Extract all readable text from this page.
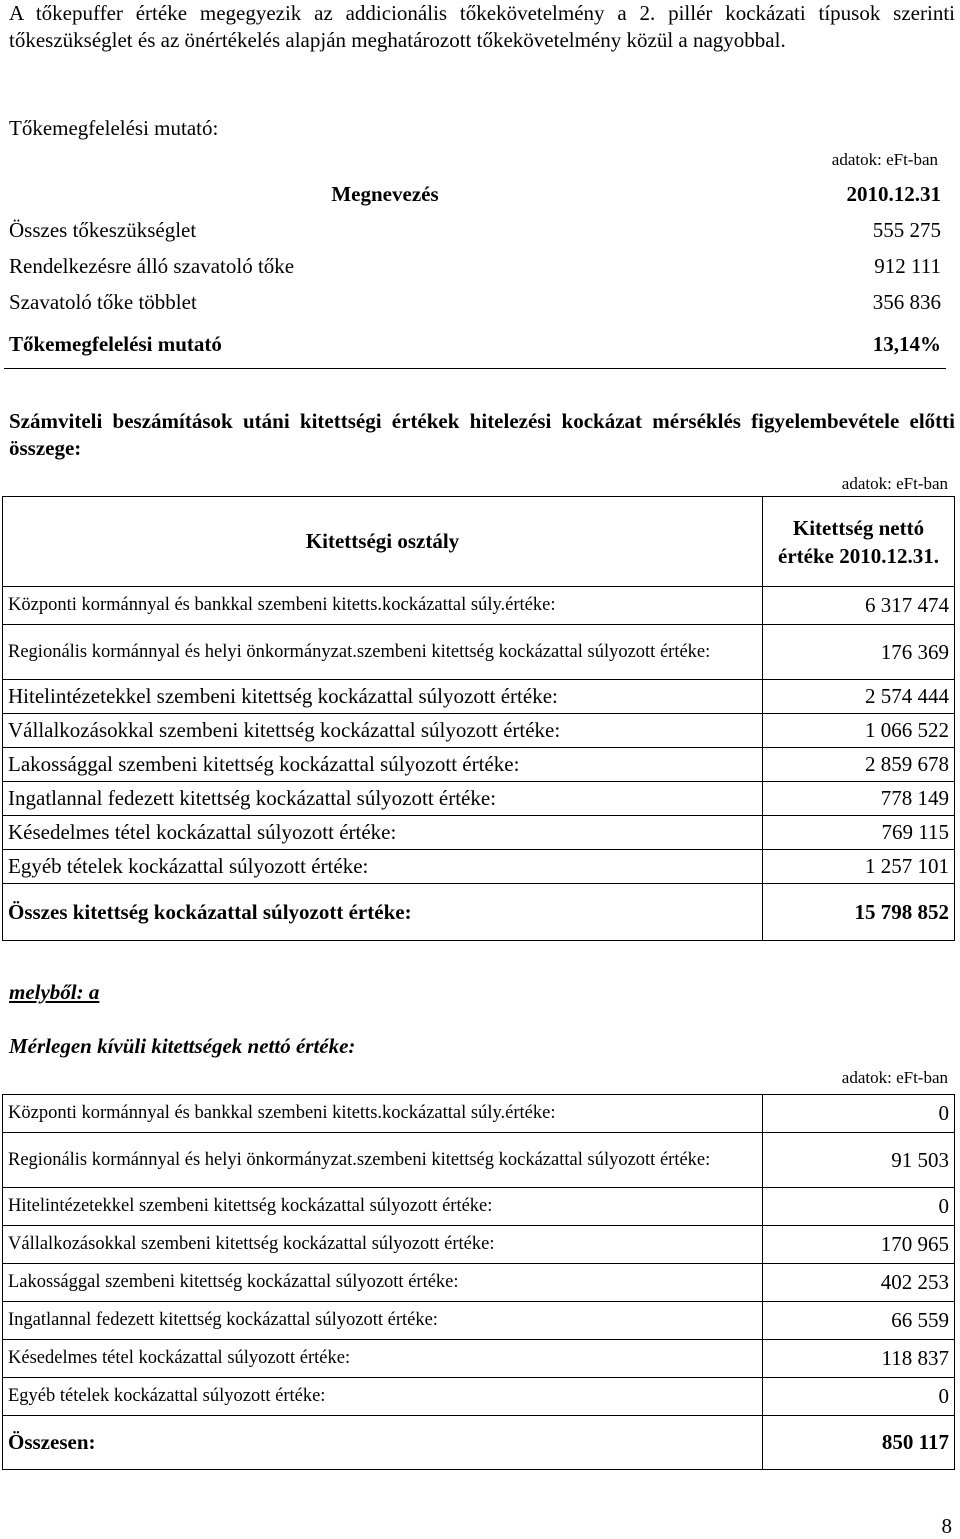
A tőkepuffer értéke megegyezik az addicionális tőkekövetelmény a 2. pillér kockázati típusok szerinti tőkeszükséglet és az önértékelés alapján meghatározott tőkekövetelmény közül a nagyobbal.

Tőkemegfelelési mutató:
adatok: eFt-ban
Megnevezés	2010.12.31
Összes tőkeszükséglet	555 275
Rendelkezésre álló szavatoló tőke	912 111
Szavatoló tőke többlet	356 836
Tőkemegfelelési mutató	13,14%

Számviteli beszámítások utáni kitettségi értékek hitelezési kockázat mérséklés figyelembevétele előtti összege:

adatok: eFt-ban
Kitettségi osztály	Kitettség nettó értéke 2010.12.31.
Központi kormánnyal és bankkal szembeni kitetts.kockázattal súly.értéke:	6 317 474
Regionális kormánnyal és helyi önkormányzat.szembeni kitettség kockázattal súlyozott értéke:	176 369
Hitelintézetekkel szembeni kitettség kockázattal súlyozott értéke:	2 574 444
Vállalkozásokkal szembeni kitettség kockázattal súlyozott értéke:	1 066 522
Lakossággal szembeni kitettség kockázattal súlyozott értéke:	2 859 678
Ingatlannal fedezett kitettség kockázattal súlyozott értéke:	778 149
Késedelmes tétel kockázattal súlyozott értéke:	769 115
Egyéb tételek kockázattal súlyozott értéke:	1 257 101
Összes kitettség kockázattal súlyozott értéke:	15 798 852
melyből: a
Mérlegen kívüli kitettségek nettó értéke:
adatok: eFt-ban
Központi kormánnyal és bankkal szembeni kitetts.kockázattal súly.értéke:	0
Regionális kormánnyal és helyi önkormányzat.szembeni kitettség kockázattal súlyozott értéke:	91 503
Hitelintézetekkel szembeni kitettség kockázattal súlyozott értéke:	0
Vállalkozásokkal szembeni kitettség kockázattal súlyozott értéke:	170 965
Lakossággal szembeni kitettség kockázattal súlyozott értéke:	402 253
Ingatlannal fedezett kitettség kockázattal súlyozott értéke:	66 559
Késedelmes tétel kockázattal súlyozott értéke:	118 837
Egyéb tételek kockázattal súlyozott értéke:	0
Összesen:	850 117
8
